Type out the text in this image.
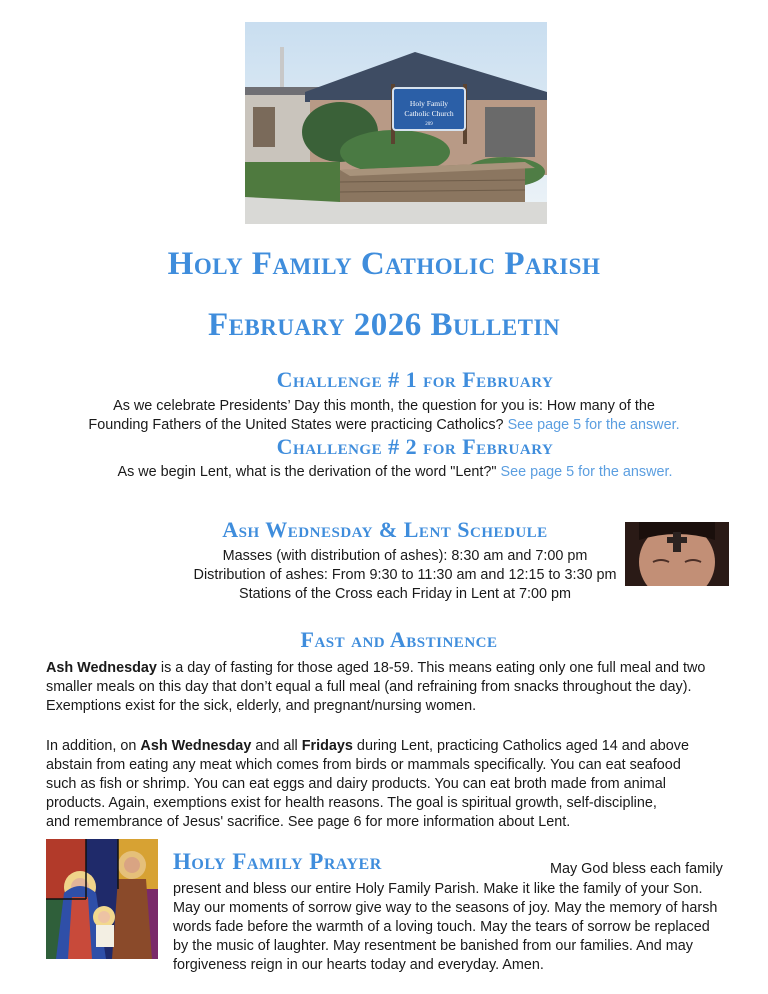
Holy Family
Catholic Church
209
Holy Family Catholic Parish
February 2026 Bulletin
Challenge # 1 for February
As we celebrate Presidents’ Day this month, the question for you is: How many of the
Founding Fathers of the United States were practicing Catholics? See page 5 for the answer.
Challenge # 2 for February
As we begin Lent, what is the derivation of the word "Lent?" See page 5 for the answer.
Ash Wednesday & Lent Schedule
Masses (with distribution of ashes): 8:30 am and 7:00 pm
Distribution of ashes: From 9:30 to 11:30 am and 12:15 to 3:30 pm
Stations of the Cross each Friday in Lent at 7:00 pm
Fast and Abstinence
Ash Wednesday is a day of fasting for those aged 18-59. This means eating only one full meal and two
smaller meals on this day that don’t equal a full meal (and refraining from snacks throughout the day).
Exemptions exist for the sick, elderly, and pregnant/nursing women.
In addition, on Ash Wednesday and all Fridays during Lent, practicing Catholics aged 14 and above
abstain from eating any meat which comes from birds or mammals specifically. You can eat seafood
such as fish or shrimp. You can eat eggs and dairy products. You can eat broth made from animal
products. Again, exemptions exist for health reasons. The goal is spiritual growth, self-discipline,
and remembrance of Jesus' sacrifice. See page 6 for more information about Lent.
Holy Family Prayer	May God bless each family
present and bless our entire Holy Family Parish. Make it like the family of your Son.
May our moments of sorrow give way to the seasons of joy. May the memory of harsh
words fade before the warmth of a loving touch. May the tears of sorrow be replaced
by the music of laughter. May resentment be banished from our families. And may
forgiveness reign in our hearts today and everyday. Amen.
